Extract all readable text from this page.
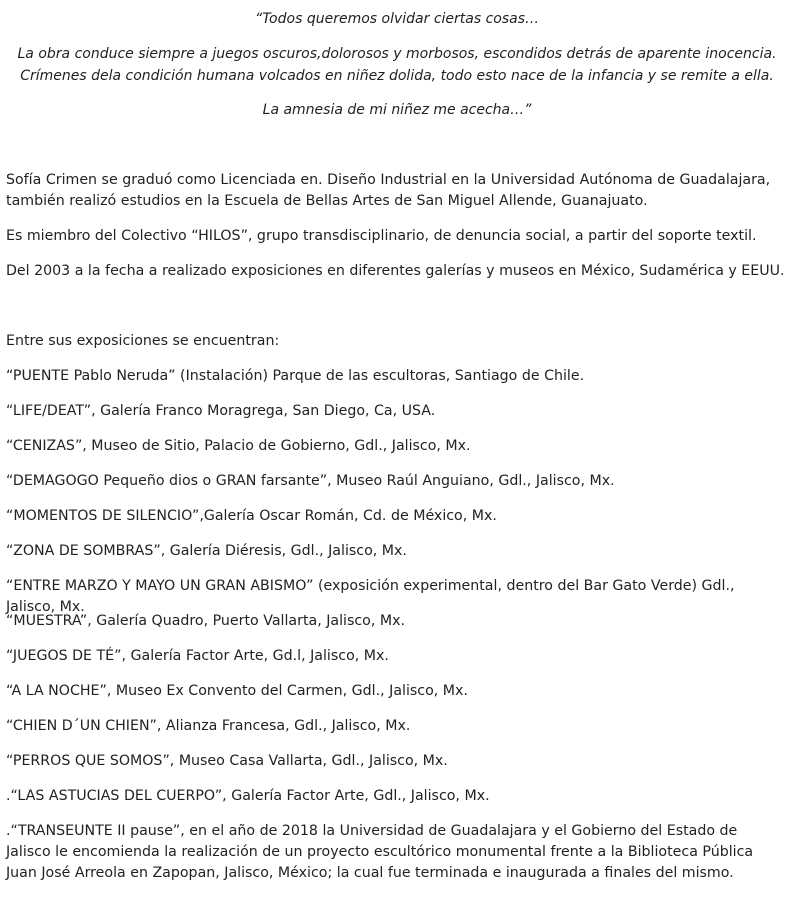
“Todos queremos olvidar ciertas cosas…

La obra conduce siempre a juegos oscuros,dolorosos y morbosos, escondidos detrás de aparente inocencia. Crímenes dela condición humana volcados en niñez dolida, todo esto nace de la infancia y se remite a ella.

La amnesia de mi niñez me acecha…”

Sofía Crimen se graduó como Licenciada en. Diseño Industrial en la Universidad Autónoma de Guadalajara, también realizó estudios en la Escuela de Bellas Artes de San Miguel Allende, Guanajuato.

Es miembro del Colectivo “HILOS”, grupo transdisciplinario, de denuncia social, a partir del soporte textil.

Del 2003 a la fecha a realizado exposiciones en diferentes galerías y museos en México, Sudamérica y EEUU.

Entre sus exposiciones se encuentran:

“PUENTE Pablo Neruda” (Instalación) Parque de las escultoras, Santiago de Chile.

“LIFE/DEAT”, Galería Franco Moragrega, San Diego, Ca, USA.

“CENIZAS”, Museo de Sitio, Palacio de Gobierno, Gdl., Jalisco, Mx.

“DEMAGOGO Pequeño dios o GRAN farsante”, Museo Raúl Anguiano, Gdl., Jalisco, Mx.

“MOMENTOS DE SILENCIO”,Galería Oscar Román, Cd. de México, Mx.

“ZONA DE SOMBRAS”, Galería Diéresis, Gdl., Jalisco, Mx.

“ENTRE MARZO Y MAYO UN GRAN ABISMO” (exposición experimental, dentro del Bar Gato Verde) Gdl., Jalisco, Mx.

“MUESTRA”, Galería Quadro, Puerto Vallarta, Jalisco, Mx.

“JUEGOS DE TÉ”, Galería Factor Arte, Gd.l, Jalisco, Mx.

“A LA NOCHE”, Museo Ex Convento del Carmen, Gdl., Jalisco, Mx.

“CHIEN D´UN CHIEN”, Alianza Francesa, Gdl., Jalisco, Mx.

“PERROS QUE SOMOS”, Museo Casa Vallarta, Gdl., Jalisco, Mx.

.“LAS ASTUCIAS DEL CUERPO”, Galería Factor Arte, Gdl., Jalisco, Mx.

.“TRANSEUNTE II pause”, en el año de 2018 la Universidad de Guadalajara y el Gobierno del Estado de Jalisco le encomienda la realización de un proyecto escultórico monumental frente a la Biblioteca Pública Juan José Arreola en Zapopan, Jalisco, México; la cual fue terminada e inaugurada a finales del mismo.
